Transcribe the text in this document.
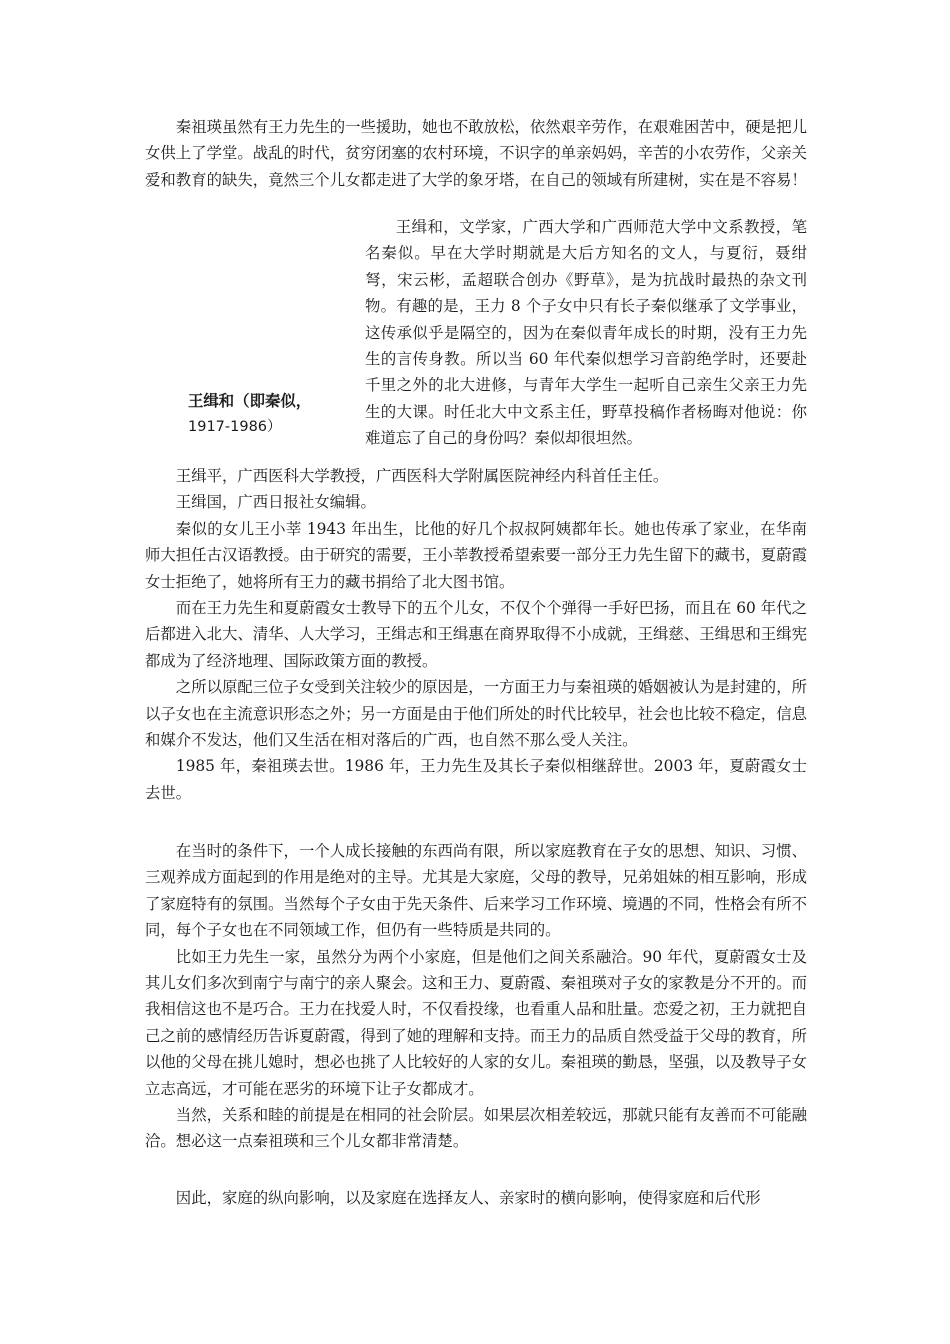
秦祖瑛虽然有王力先生的一些援助，她也不敢放松，依然艰辛劳作，在艰难困苦中，硬是把儿女供上了学堂。战乱的时代，贫穷闭塞的农村环境，不识字的单亲妈妈，辛苦的小农劳作，父亲关爱和教育的缺失，竟然三个儿女都走进了大学的象牙塔，在自己的领域有所建树，实在是不容易！

王缉和（即秦似，
1917-1986）

王缉和，文学家，广西大学和广西师范大学中文系教授，笔名秦似。早在大学时期就是大后方知名的文人，与夏衍，聂绀弩，宋云彬，孟超联合创办《野草》，是为抗战时最热的杂文刊物。有趣的是，王力 8 个子女中只有长子秦似继承了文学事业，这传承似乎是隔空的，因为在秦似青年成长的时期，没有王力先生的言传身教。所以当 60 年代秦似想学习音韵绝学时，还要赴千里之外的北大进修，与青年大学生一起听自己亲生父亲王力先生的大课。时任北大中文系主任，野草投稿作者杨晦对他说：你难道忘了自己的身份吗？秦似却很坦然。

王缉平，广西医科大学教授，广西医科大学附属医院神经内科首任主任。

王缉国，广西日报社女编辑。

秦似的女儿王小莘 1943 年出生，比他的好几个叔叔阿姨都年长。她也传承了家业，在华南师大担任古汉语教授。由于研究的需要，王小莘教授希望索要一部分王力先生留下的藏书，夏蔚霞女士拒绝了，她将所有王力的藏书捐给了北大图书馆。

而在王力先生和夏蔚霞女士教导下的五个儿女，不仅个个弹得一手好巴扬，而且在 60 年代之后都进入北大、清华、人大学习，王缉志和王缉惠在商界取得不小成就，王缉慈、王缉思和王缉宪都成为了经济地理、国际政策方面的教授。

之所以原配三位子女受到关注较少的原因是，一方面王力与秦祖瑛的婚姻被认为是封建的，所以子女也在主流意识形态之外；另一方面是由于他们所处的时代比较早，社会也比较不稳定，信息和媒介不发达，他们又生活在相对落后的广西，也自然不那么受人关注。

1985 年，秦祖瑛去世。1986 年，王力先生及其长子秦似相继辞世。2003 年，夏蔚霞女士去世。

在当时的条件下，一个人成长接触的东西尚有限，所以家庭教育在子女的思想、知识、习惯、三观养成方面起到的作用是绝对的主导。尤其是大家庭，父母的教导，兄弟姐妹的相互影响，形成了家庭特有的氛围。当然每个子女由于先天条件、后来学习工作环境、境遇的不同，性格会有所不同，每个子女也在不同领域工作，但仍有一些特质是共同的。

比如王力先生一家，虽然分为两个小家庭，但是他们之间关系融洽。90 年代，夏蔚霞女士及其儿女们多次到南宁与南宁的亲人聚会。这和王力、夏蔚霞、秦祖瑛对子女的家教是分不开的。而我相信这也不是巧合。王力在找爱人时，不仅看投缘，也看重人品和肚量。恋爱之初，王力就把自己之前的感情经历告诉夏蔚霞，得到了她的理解和支持。而王力的品质自然受益于父母的教育，所以他的父母在挑儿媳时，想必也挑了人比较好的人家的女儿。秦祖瑛的勤恳，坚强，以及教导子女立志高远，才可能在恶劣的环境下让子女都成才。

当然，关系和睦的前提是在相同的社会阶层。如果层次相差较远，那就只能有友善而不可能融洽。想必这一点秦祖瑛和三个儿女都非常清楚。

因此，家庭的纵向影响，以及家庭在选择友人、亲家时的横向影响，使得家庭和后代形
